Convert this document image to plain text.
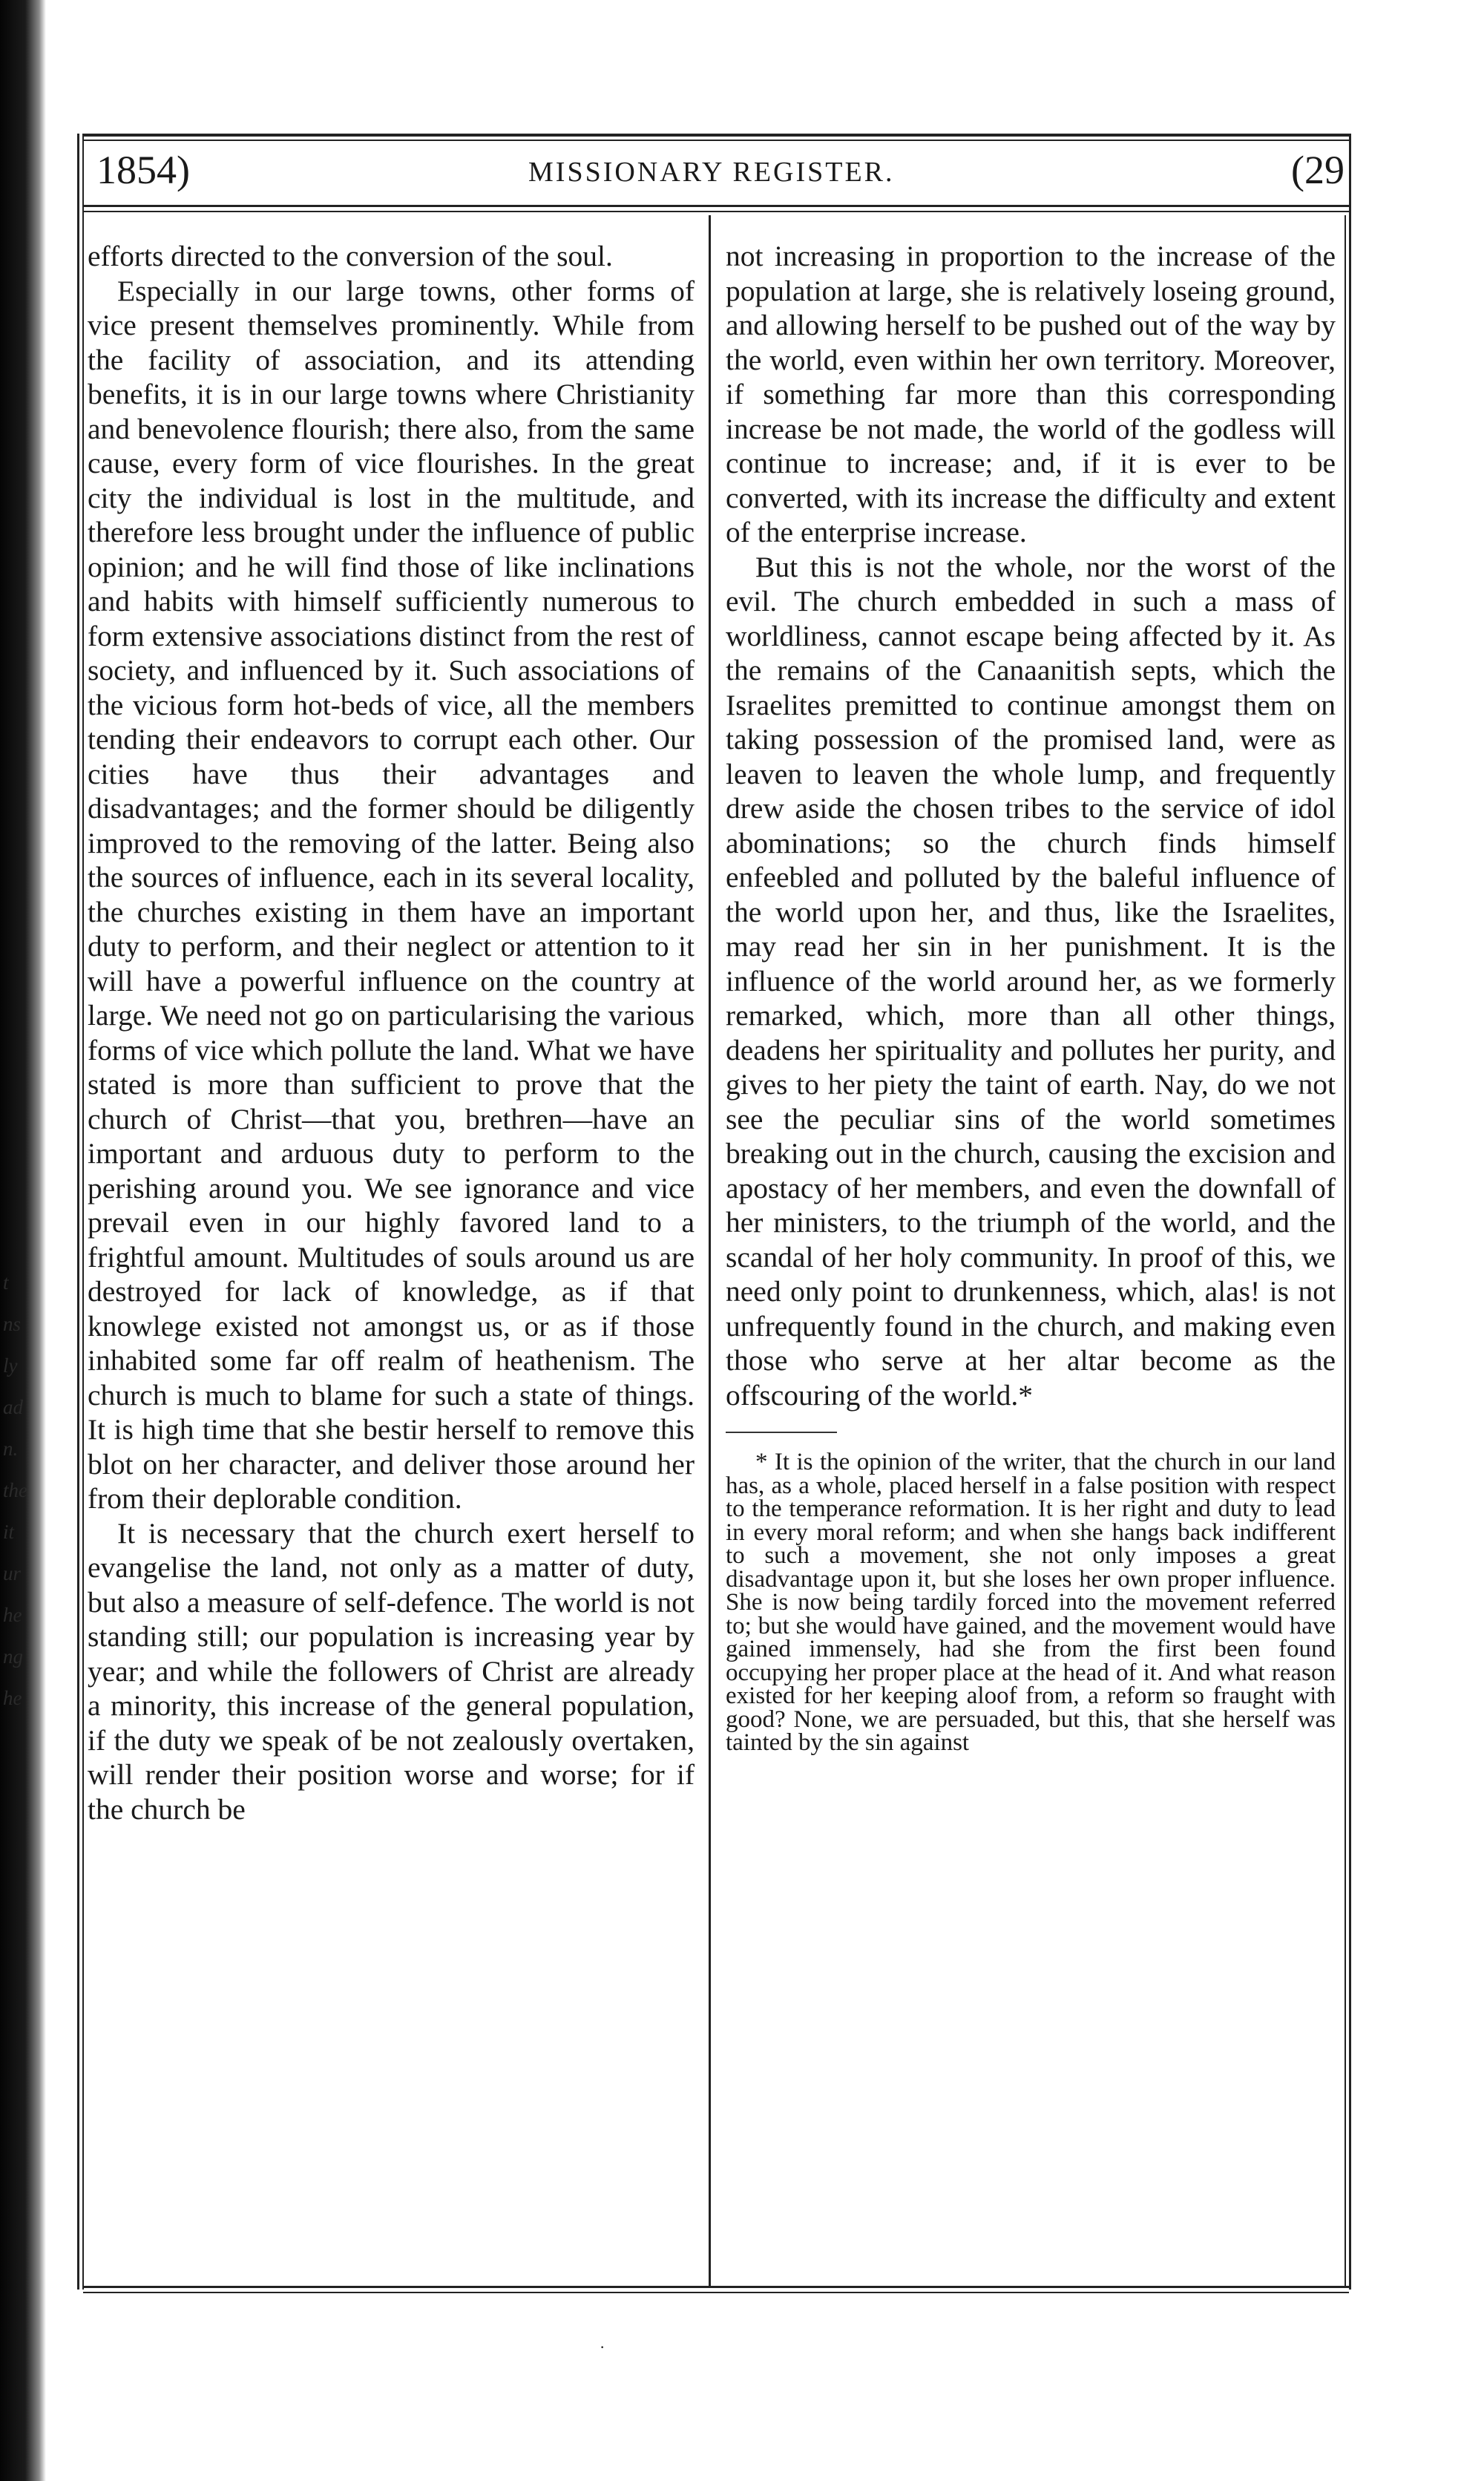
t
ns
ly
ad
n.
the
it
ur
he
ng
he
1854)	MISSIONARY REGISTER.	(29

efforts directed to the conversion of the soul.

Especially in our large towns, other forms of vice present themselves prominently. While from the facility of association, and its attending benefits, it is in our large towns where Christianity and benevolence flourish; there also, from the same cause, every form of vice flourishes. In the great city the individual is lost in the multitude, and therefore less brought under the influence of public opinion; and he will find those of like inclinations and habits with himself sufficiently numerous to form extensive associations distinct from the rest of society, and influenced by it. Such associations of the vicious form hot-beds of vice, all the members tending their endeavors to corrupt each other. Our cities have thus their advantages and disadvantages; and the former should be diligently improved to the removing of the latter. Being also the sources of influence, each in its several locality, the churches existing in them have an important duty to perform, and their neglect or attention to it will have a powerful influence on the country at large. We need not go on particularising the various forms of vice which pollute the land. What we have stated is more than sufficient to prove that the church of Christ—that you, brethren—have an important and arduous duty to perform to the perishing around you. We see ignorance and vice prevail even in our highly favored land to a frightful amount. Multitudes of souls around us are destroyed for lack of knowledge, as if that knowlege existed not amongst us, or as if those inhabited some far off realm of heathenism. The church is much to blame for such a state of things. It is high time that she bestir herself to remove this blot on her character, and deliver those around her from their deplorable condition.

It is necessary that the church exert herself to evangelise the land, not only as a matter of duty, but also a measure of self-defence. The world is not standing still; our population is increasing year by year; and while the followers of Christ are already a minority, this increase of the general population, if the duty we speak of be not zealously overtaken, will render their position worse and worse; for if the church be

not increasing in proportion to the increase of the population at large, she is relatively loseing ground, and allowing herself to be pushed out of the way by the world, even within her own territory. Moreover, if something far more than this corresponding increase be not made, the world of the godless will continue to increase; and, if it is ever to be converted, with its increase the difficulty and extent of the enterprise increase.

But this is not the whole, nor the worst of the evil. The church embedded in such a mass of worldliness, cannot escape being affected by it. As the remains of the Canaanitish septs, which the Israelites premitted to continue amongst them on taking possession of the promised land, were as leaven to leaven the whole lump, and frequently drew aside the chosen tribes to the service of idol abominations; so the church finds himself enfeebled and polluted by the baleful influence of the world upon her, and thus, like the Israelites, may read her sin in her punishment. It is the influence of the world around her, as we formerly remarked, which, more than all other things, deadens her spirituality and pollutes her purity, and gives to her piety the taint of earth. Nay, do we not see the peculiar sins of the world sometimes breaking out in the church, causing the excision and apostacy of her members, and even the downfall of her ministers, to the triumph of the world, and the scandal of her holy community. In proof of this, we need only point to drunkenness, which, alas! is not unfrequently found in the church, and making even those who serve at her altar become as the offscouring of the world.*

* It is the opinion of the writer, that the church in our land has, as a whole, placed herself in a false position with respect to the temperance reformation. It is her right and duty to lead in every moral reform; and when she hangs back indifferent to such a movement, she not only imposes a great disadvantage upon it, but she loses her own proper influence. She is now being tardily forced into the movement referred to; but she would have gained, and the movement would have gained immensely, had she from the first been found occupying her proper place at the head of it. And what reason existed for her keeping aloof from, a reform so fraught with good? None, we are persuaded, but this, that she herself was tainted by the sin against

·
